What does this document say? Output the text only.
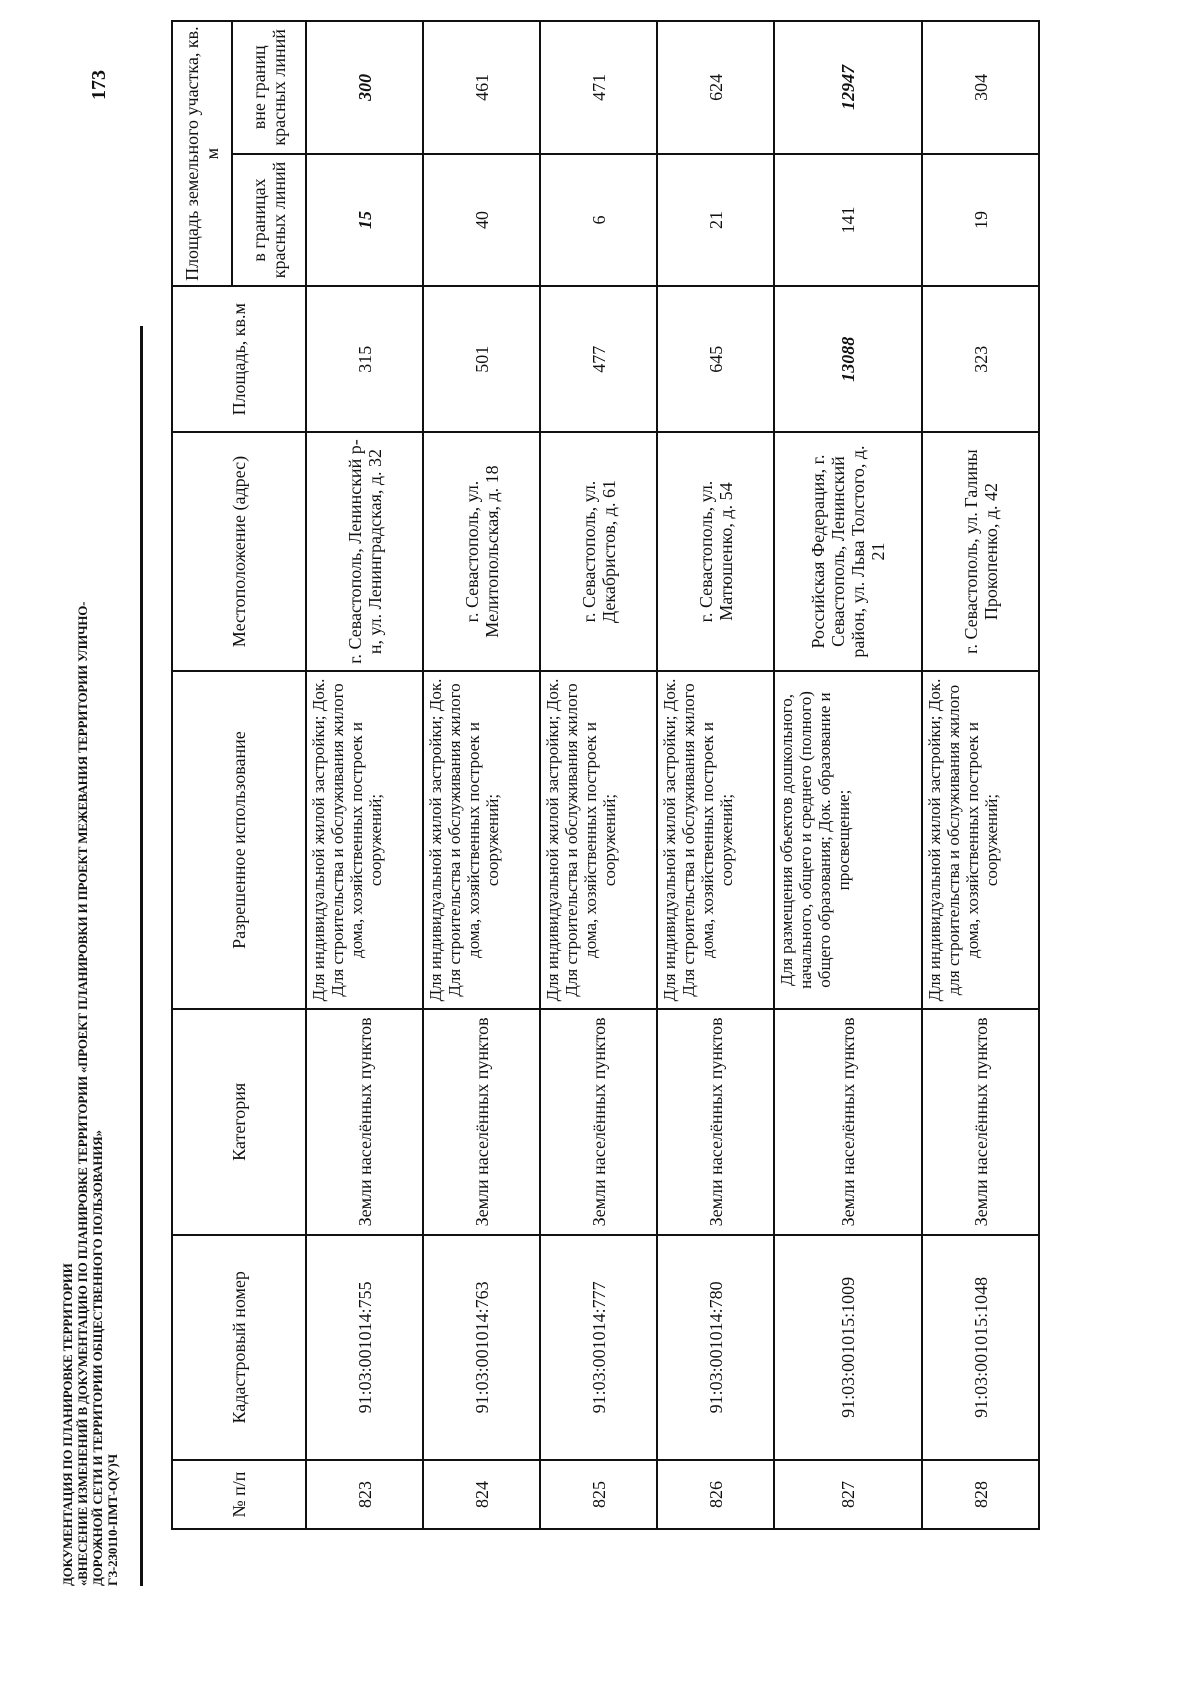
ДОКУМЕНТАЦИЯ ПО ПЛАНИРОВКЕ ТЕРРИТОРИИ «ВНЕСЕНИЕ ИЗМЕНЕНИЙ В ДОКУМЕНТАЦИЮ ПО ПЛАНИРОВКЕ ТЕРРИТОРИИ «ПРОЕКТ ПЛАНИРОВКИ И ПРОЕКТ МЕЖЕВАНИЯ ТЕРРИТОРИИ УЛИЧНО- ДОРОЖНОЙ СЕТИ И ТЕРРИТОРИИ ОБЩЕСТВЕННОГО ПОЛЬЗОВАНИЯ» ГЗ-230110-ПМТ-О(У)Ч
173
№ п/п	Кадастровый номер	Категория	Разрешенное использование	Местоположение (адрес)	Площадь, кв.м	Площадь земельного участка, кв. м	
						в границах красных линий	вне границ красных линий
823	91:03:001014:755	Земли населённых пунктов	Для индивидуальной жилой застройки; Док. Для строительства и обслуживания жилого дома, хозяйственных построек и сооружений;	г. Севастополь, Ленинский р-н, ул. Ленинградская, д. 32	315	15	300
824	91:03:001014:763	Земли населённых пунктов	Для индивидуальной жилой застройки; Док. Для строительства и обслуживания жилого дома, хозяйственных построек и сооружений;	г. Севастополь, ул. Мелитопольская, д. 18	501	40	461
825	91:03:001014:777	Земли населённых пунктов	Для индивидуальной жилой застройки; Док. Для строительства и обслуживания жилого дома, хозяйственных построек и сооружений;	г. Севастополь, ул. Декабристов, д. 61	477	6	471
826	91:03:001014:780	Земли населённых пунктов	Для индивидуальной жилой застройки; Док. Для строительства и обслуживания жилого дома, хозяйственных построек и сооружений;	г. Севастополь, ул. Матюшенко, д. 54	645	21	624
827	91:03:001015:1009	Земли населённых пунктов	Для размещения объектов дошкольного, начального, общего и среднего (полного) общего образования; Док. образование и просвещение;	Российская Федерация, г. Севастополь, Ленинский район, ул. Льва Толстого, д. 21	13088	141	12947
828	91:03:001015:1048	Земли населённых пунктов	Для индивидуальной жилой застройки; Док. для строительства и обслуживания жилого дома, хозяйственных построек и сооружений;	г. Севастополь, ул. Галины Прокопенко, д. 42	323	19	304
